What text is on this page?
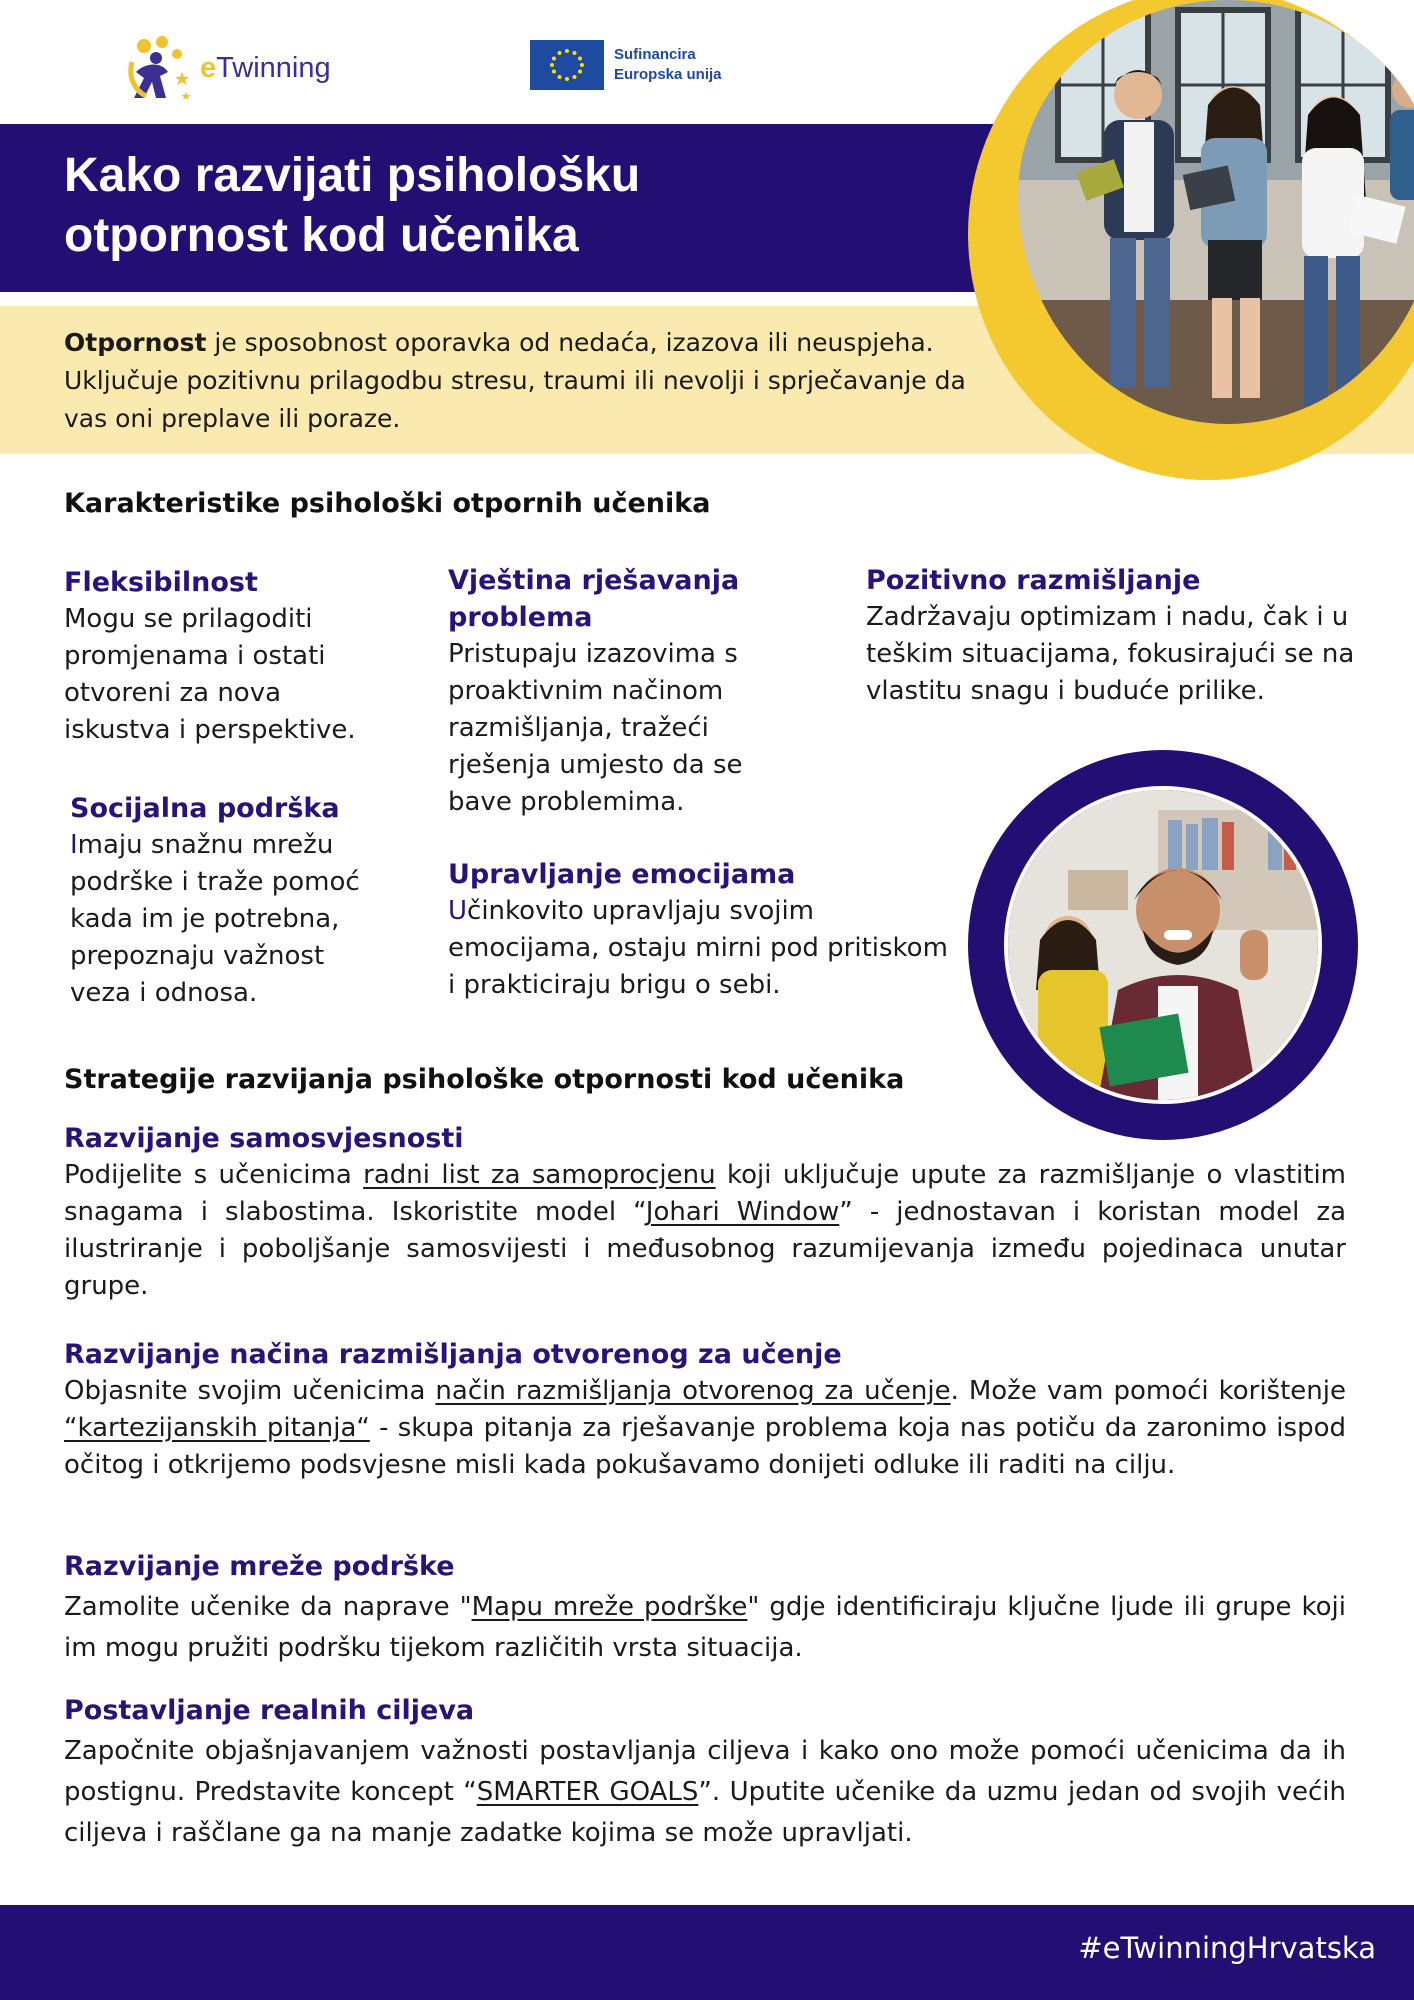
eTwinning	Sufinancira
Europska unija
Kako razvijati psihološku
otpornost kod učenika

Otpornost je sposobnost oporavka od nedaća, izazova ili neuspjeha. Uključuje pozitivnu prilagodbu stresu, traumi ili nevolji i sprječavanje da vas oni preplave ili poraze.

Karakteristike psihološki otpornih učenika
Fleksibilnost
Mogu se prilagoditi promjenama i ostati otvoreni za nova iskustva i perspektive.
Vještina rješavanja problema
Pristupaju izazovima s proaktivnim načinom razmišljanja, tražeći rješenja umjesto da se bave problemima.
Pozitivno razmišljanje
Zadržavaju optimizam i nadu, čak i u teškim situacijama, fokusirajući se na vlastitu snagu i buduće prilike.
Socijalna podrška
Imaju snažnu mrežu podrške i traže pomoć kada im je potrebna, prepoznaju važnost veza i odnosa.
Upravljanje emocijama
Učinkovito upravljaju svojim emocijama, ostaju mirni pod pritiskom i prakticiraju brigu o sebi.
Strategije razvijanja psihološke otpornosti kod učenika
Razvijanje samosvjesnosti
Podijelite s učenicima radni list za samoprocjenu koji uključuje upute za razmišljanje o vlastitim snagama i slabostima. Iskoristite model “Johari Window” - jednostavan i koristan model za ilustriranje i poboljšanje samosvijesti i međusobnog razumijevanja između pojedinaca unutar grupe.
Razvijanje načina razmišljanja otvorenog za učenje
Objasnite svojim učenicima način razmišljanja otvorenog za učenje. Može vam pomoći korištenje “kartezijanskih pitanja“ - skupa pitanja za rješavanje problema koja nas potiču da zaronimo ispod očitog i otkrijemo podsvjesne misli kada pokušavamo donijeti odluke ili raditi na cilju.
Razvijanje mreže podrške
Zamolite učenike da naprave "Mapu mreže podrške" gdje identificiraju ključne ljude ili grupe koji im mogu pružiti podršku tijekom različitih vrsta situacija.
Postavljanje realnih ciljeva
Započnite objašnjavanjem važnosti postavljanja ciljeva i kako ono može pomoći učenicima da ih postignu. Predstavite koncept “SMARTER GOALS”. Uputite učenike da uzmu jedan od svojih većih ciljeva i raščlane ga na manje zadatke kojima se može upravljati.
#eTwinningHrvatska
